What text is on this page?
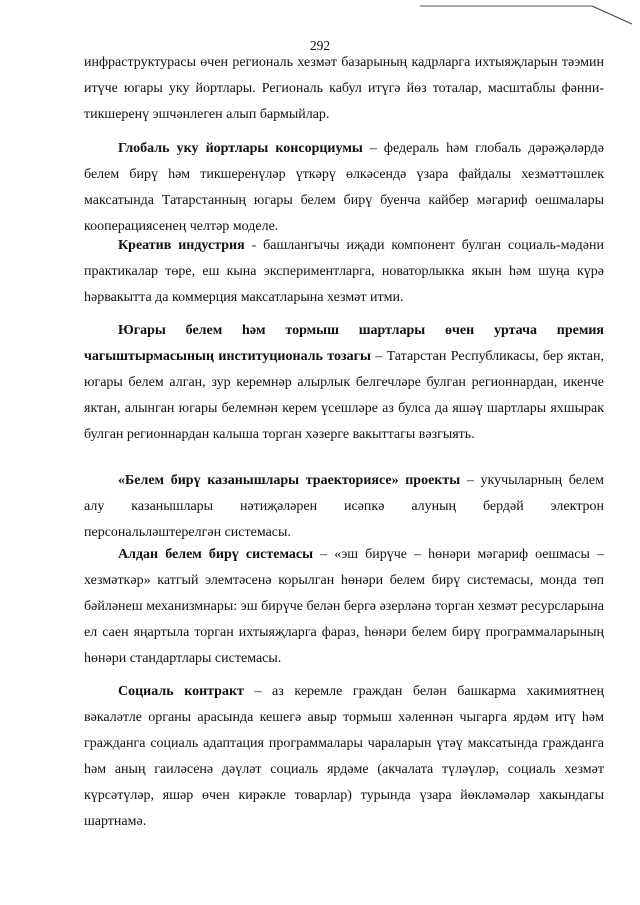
292
инфраструктурасы өчен региональ хезмәт базарының кадрларга ихтыяҗларын тәэмин итүче югары уку йортлары. Региональ кабул итүгә йөз тоталар, масштаблы фәнни-тикшеренү эшчәнлеген алып бармыйлар.
Глобаль уку йортлары консорциумы – федераль һәм глобаль дәрәҗәләрдә белем бирү һәм тикшеренүләр үткәрү өлкәсендә үзара файдалы хезмәттәшлек максатында Татарстанның югары белем бирү буенча кайбер мәгариф оешмалары кооперациясенең челтәр моделе.
Креатив индустрия - башлангычы иҗади компонент булган социаль-мәдәни практикалар төре, еш кына экспериментларга, новаторлыкка якын һәм шуңа күрә һәрвакытта да коммерция максатларына хезмәт итми.
Югары белем һәм тормыш шартлары өчен уртача премия чагыштырмасының институциональ тозагы – Татарстан Республикасы, бер яктан, югары белем алган, зур керемнәр алырлык белгечләре булган регионнардан, икенче яктан, алынган югары белемнән керем үсешләре аз булса да яшәү шартлары яхшырак булган регионнардан калыша торган хәзерге вакыттагы вәзгыять.
«Белем бирү казанышлары траекториясе» проекты – укучыларның белем алу казанышлары нәтиҗәләрен исәпкә алуның бердәй электрон персональләштерелгән системасы.
Алдан белем бирү системасы – «эш бирүче – һөнәри мәгариф оешмасы – хезмәткәр» катгый элемтәсенә корылган һөнәри белем бирү системасы, монда төп бәйләнеш механизмнары: эш бирүче белән бергә әзерләнә торган хезмәт ресурсларына ел саен яңартыла торган ихтыяҗларга фараз, һөнәри белем бирү программаларының һөнәри стандартлары системасы.
Социаль контракт – аз керемле граждан белән башкарма хакимиятнең вәкаләтле органы арасында кешегә авыр тормыш хәленнән чыгарга ярдәм итү һәм гражданга социаль адаптация программалары чараларын үтәү максатында гражданга һәм аның гаиләсенә дәүләт социаль ярдәме (акчалата түләүләр, социаль хезмәт күрсәтүләр, яшәр өчен кирәкле товарлар) турында үзара йөкләмәләр хакындагы шартнамә.
